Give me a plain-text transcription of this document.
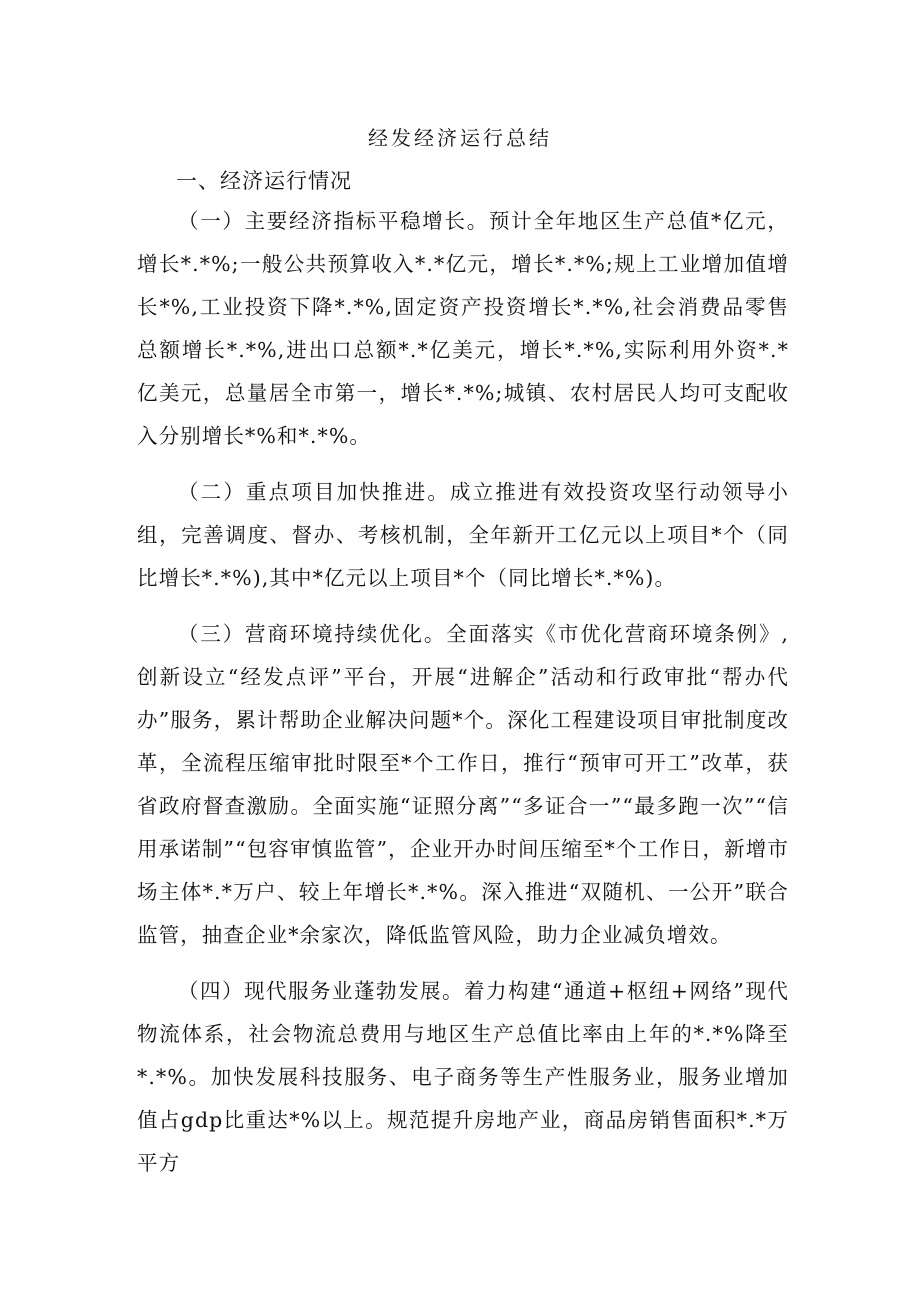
经发经济运行总结
一、经济运行情况

（一）主要经济指标平稳增长。预计全年地区生产总值*亿元，增长*.*%;一般公共预算收入*.*亿元，增长*.*%;规上工业增加值增长*%,工业投资下降*.*%,固定资产投资增长*.*%,社会消费品零售总额增长*.*%,进出口总额*.*亿美元，增长*.*%,实际利用外资*.*亿美元，总量居全市第一，增长*.*%;城镇、农村居民人均可支配收入分别增长*%和*.*%。

（二）重点项目加快推进。成立推进有效投资攻坚行动领导小组，完善调度、督办、考核机制，全年新开工亿元以上项目*个（同比增长*.*%),其中*亿元以上项目*个（同比增长*.*%)。

（三）营商环境持续优化。全面落实《市优化营商环境条例》,创新设立“经发点评”平台，开展“进解企”活动和行政审批“帮办代办”服务，累计帮助企业解决问题*个。深化工程建设项目审批制度改革，全流程压缩审批时限至*个工作日，推行“预审可开工”改革，获省政府督查激励。全面实施“证照分离”“多证合一”“最多跑一次”“信用承诺制”“包容审慎监管”，企业开办时间压缩至*个工作日，新增市场主体*.*万户、较上年增长*.*%。深入推进“双随机、一公开”联合监管，抽查企业*余家次，降低监管风险，助力企业减负增效。

（四）现代服务业蓬勃发展。着力构建“通道+枢纽+网络”现代物流体系，社会物流总费用与地区生产总值比率由上年的*.*%降至*.*%。加快发展科技服务、电子商务等生产性服务业，服务业增加值占gdp比重达*%以上。规范提升房地产业，商品房销售面积*.*万平方
